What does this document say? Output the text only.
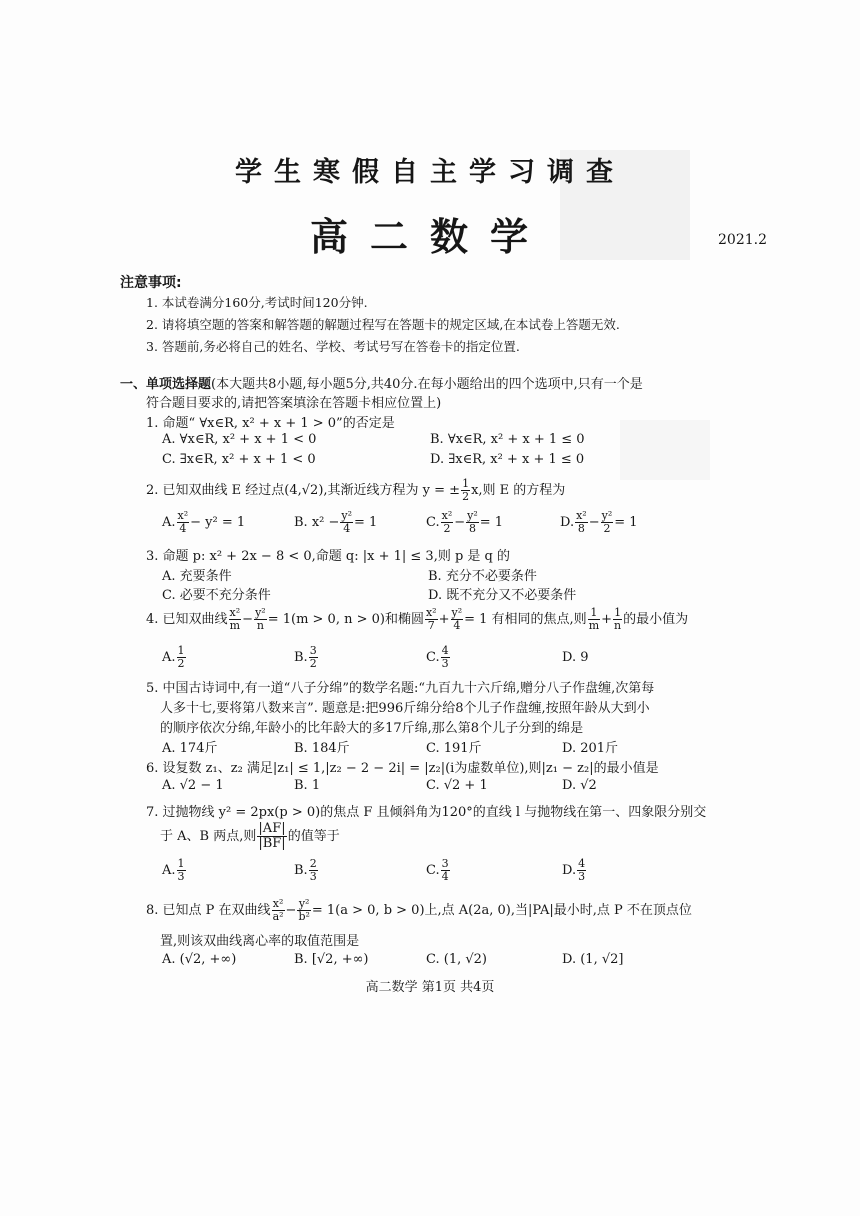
学生寒假自主学习调查
高二数学	2021.2
注意事项:
1. 本试卷满分160分,考试时间120分钟.
2. 请将填空题的答案和解答题的解题过程写在答题卡的规定区域,在本试卷上答题无效.
3. 答题前,务必将自己的姓名、学校、考试号写在答卷卡的指定位置.
一、单项选择题(本大题共8小题,每小题5分,共40分.在每小题给出的四个选项中,只有一个是
符合题目要求的,请把答案填涂在答题卡相应位置上)
1. 命题“ ∀x∈R, x² + x + 1 > 0”的否定是
A. ∀x∈R, x² + x + 1 < 0	B. ∀x∈R, x² + x + 1 ≤ 0
C. ∃x∈R, x² + x + 1 < 0	D. ∃x∈R, x² + x + 1 ≤ 0
2. 已知双曲线 E 经过点(4,√2),其渐近线方程为 y = ± $\frac{1}{2} x$,则 E 的方程为
A. $\frac{\text{x²}}{4} - y^2 = 1$	B. $x^2 - \frac{\text{y²}}{4} = 1$	C. $\frac{\text{x²}}{2} - \frac{\text{y²}}{8} = 1$	D. $\frac{\text{x²}}{8} - \frac{\text{y²}}{2} = 1$
3. 命题 p: x² + 2x − 8 < 0,命题 q: |x + 1| ≤ 3,则 p 是 q 的
A. 充要条件	B. 充分不必要条件
C. 必要不充分条件	D. 既不充分又不必要条件
4. 已知双曲线 $\frac{\text{x²}}{m} - \frac{\text{y²}}{n} = 1(m > 0$, n > 0)和椭圆 $\frac{\text{x²}}{7} + \frac{\text{y²}}{4} = 1$ 有相同的焦点,则 $\frac{1}{m} + \frac{1}{n}$ 的最小值为
A. $\frac{1}{2}$	B. $\frac{3}{2}$	C. $\frac{4}{3}$	D. 9
5. 中国古诗词中,有一道“八子分绵”的数学名题:“九百九十六斤绵,赠分八子作盘缠,次第每
人多十七,要将第八数来言”. 题意是:把996斤绵分给8个儿子作盘缠,按照年龄从大到小
的顺序依次分绵,年龄小的比年龄大的多17斤绵,那么第8个儿子分到的绵是
A. 174斤	B. 184斤	C. 191斤	D. 201斤
6. 设复数 z₁、z₂ 满足|z₁| ≤ 1,|z₂ − 2 − 2i| = |z₂|(i为虚数单位),则|z₁ − z₂|的最小值是
A. √2 − 1	B. 1	C. √2 + 1	D. √2
7. 过抛物线 y² = 2px(p > 0)的焦点 F 且倾斜角为120°的直线 l 与抛物线在第一、四象限分别交
于 A、B 两点,则 $\frac{|AF|}{|BF|}$ 的值等于
A. $\frac{1}{3}$	B. $\frac{2}{3}$	C. $\frac{3}{4}$	D. $\frac{4}{3}$
8. 已知点 P 在双曲线 $\frac{\text{x²}}{\text{a²}} - \frac{\text{y²}}{\text{b²}} = 1(a > 0$, b > 0)上,点 A(2a, 0),当|PA|最小时,点 P 不在顶点位
置,则该双曲线离心率的取值范围是
A. (√2, +∞)	B. [√2, +∞)	C. (1, √2)	D. (1, √2]
高二数学 第1页 共4页
